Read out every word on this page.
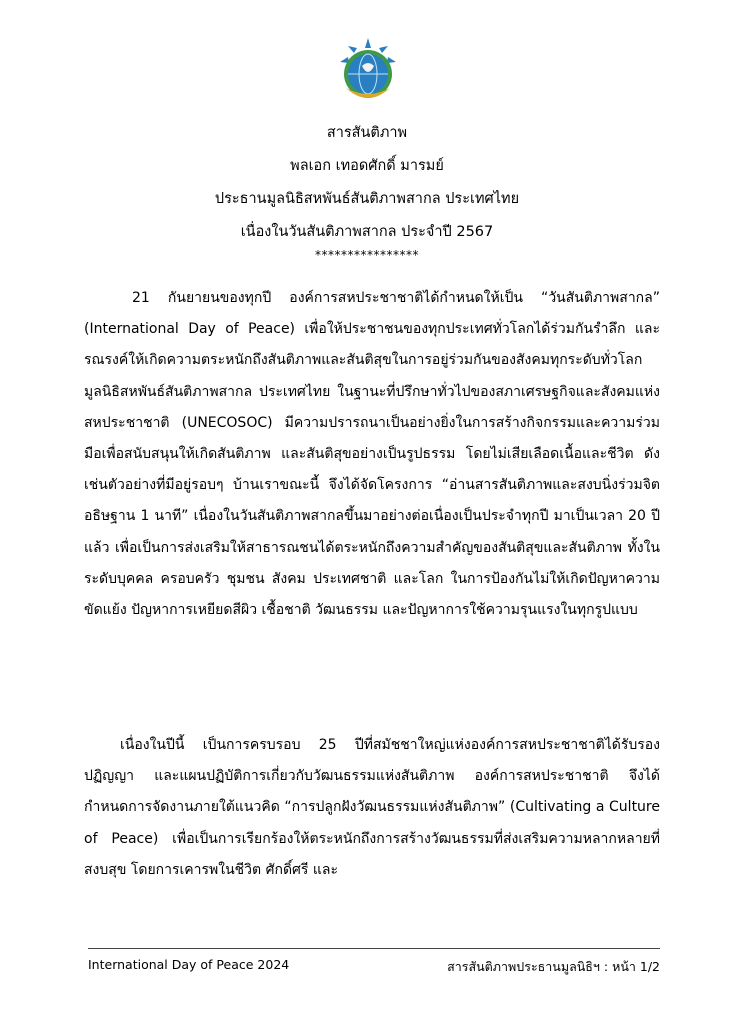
สารสันติภาพ
พลเอก เทอดศักดิ์ มารมย์
ประธานมูลนิธิสหพันธ์สันติภาพสากล ประเทศไทย
เนื่องในวันสันติภาพสากล ประจำปี 2567
****************

21 กันยายนของทุกปี องค์การสหประชาชาติได้กำหนดให้เป็น “วันสันติภาพสากล” (International Day of Peace) เพื่อให้ประชาชนของทุกประเทศทั่วโลกได้ร่วมกันรำลึก และรณรงค์ให้เกิดความตระหนักถึงสันติภาพและสันติสุขในการอยู่ร่วมกันของสังคมทุกระดับทั่วโลก มูลนิธิสหพันธ์สันติภาพสากล ประเทศไทย ในฐานะที่ปรึกษาทั่วไปของสภาเศรษฐกิจและสังคมแห่งสหประชาชาติ (UNECOSOC) มีความปรารถนาเป็นอย่างยิ่งในการสร้างกิจกรรมและความร่วมมือเพื่อสนับสนุนให้เกิดสันติภาพ และสันติสุขอย่างเป็นรูปธรรม โดยไม่เสียเลือดเนื้อและชีวิต ดังเช่นตัวอย่างที่มีอยู่รอบๆ บ้านเราขณะนี้ จึงได้จัดโครงการ “อ่านสารสันติภาพและสงบนิ่งร่วมจิตอธิษฐาน 1 นาที” เนื่องในวันสันติภาพสากลขึ้นมาอย่างต่อเนื่องเป็นประจำทุกปี มาเป็นเวลา 20 ปีแล้ว เพื่อเป็นการส่งเสริมให้สาธารณชนได้ตระหนักถึงความสำคัญของสันติสุขและสันติภาพ ทั้งในระดับบุคคล ครอบครัว ชุมชน สังคม ประเทศชาติ และโลก ในการป้องกันไม่ให้เกิดปัญหาความขัดแย้ง ปัญหาการเหยียดสีผิว เชื้อชาติ วัฒนธรรม และปัญหาการใช้ความรุนแรงในทุกรูปแบบ

เนื่องในปีนี้ เป็นการครบรอบ 25 ปีที่สมัชชาใหญ่แห่งองค์การสหประชาชาติได้รับรองปฏิญญา และแผนปฏิบัติการเกี่ยวกับวัฒนธรรมแห่งสันติภาพ องค์การสหประชาชาติ จึงได้กำหนดการจัดงานภายใต้แนวคิด “การปลูกฝังวัฒนธรรมแห่งสันติภาพ” (Cultivating a Culture of Peace) เพื่อเป็นการเรียกร้องให้ตระหนักถึงการสร้างวัฒนธรรมที่ส่งเสริมความหลากหลายที่สงบสุข โดยการเคารพในชีวิต ศักดิ์ศรี และ

International Day of Peace 2024	สารสันติภาพประธานมูลนิธิฯ : หน้า 1/2
